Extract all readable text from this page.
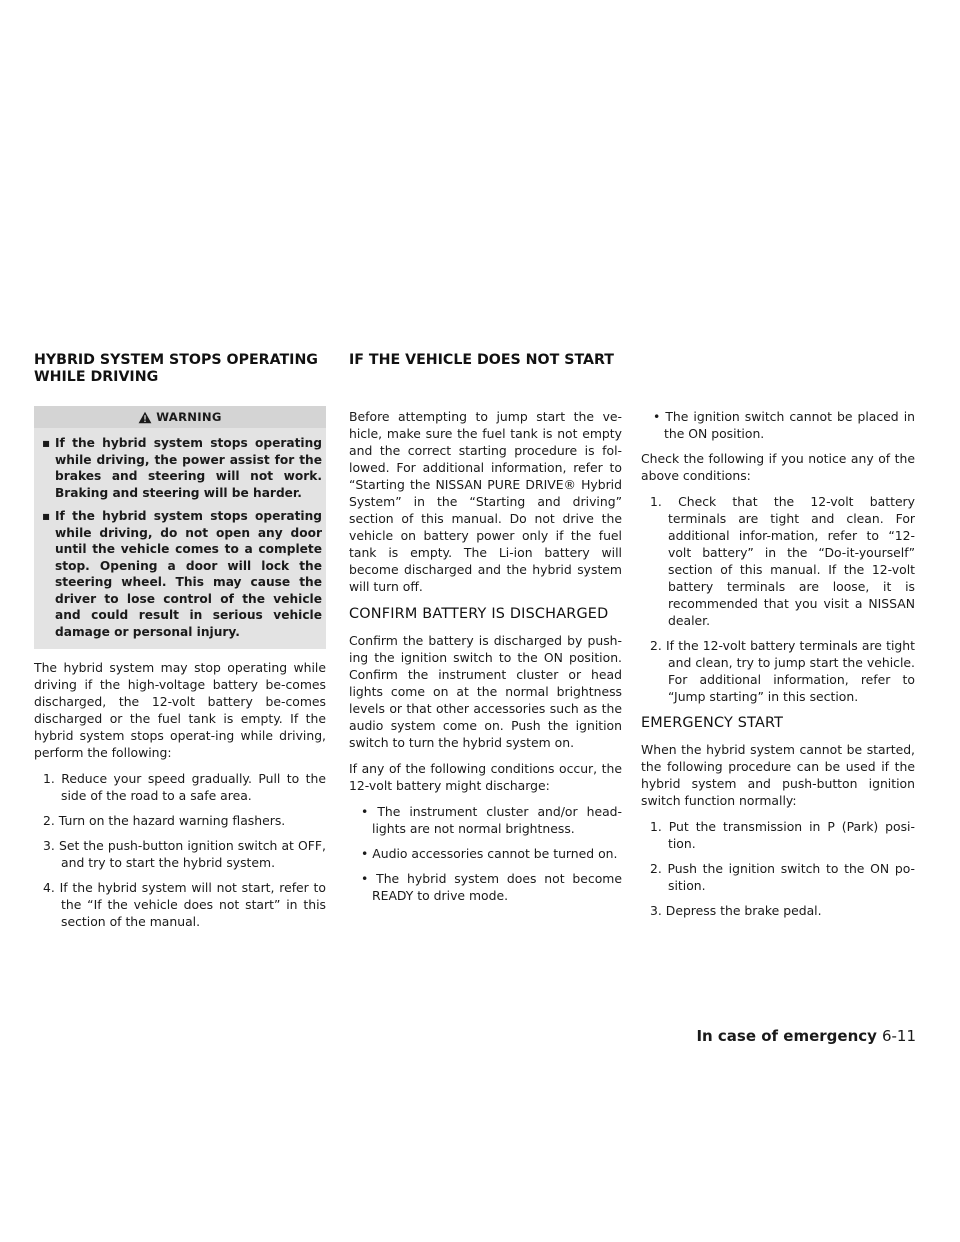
HYBRID SYSTEM STOPS OPERATING WHILE DRIVING
IF THE VEHICLE DOES NOT START
WARNING
▪ If the hybrid system stops operating while driving, the power assist for the brakes and steering will not work. Braking and steering will be harder.
▪ If the hybrid system stops operating while driving, do not open any door until the vehicle comes to a complete stop. Opening a door will lock the steering wheel. This may cause the driver to lose control of the vehicle and could result in serious vehicle damage or personal injury.

The hybrid system may stop operating while driving if the high-voltage battery be-comes discharged, the 12-volt battery be-comes discharged or the fuel tank is empty. If the hybrid system stops operat-ing while driving, perform the following:

1. Reduce your speed gradually. Pull to the side of the road to a safe area.
2. Turn on the hazard warning flashers.
3. Set the push-button ignition switch at OFF, and try to start the hybrid system.
4. If the hybrid system will not start, refer to the “If the vehicle does not start” in this section of the manual.

Before attempting to jump start the ve-hicle, make sure the fuel tank is not empty and the correct starting procedure is fol-lowed. For additional information, refer to “Starting the NISSAN PURE DRIVE® Hybrid System” in the “Starting and driving” section of this manual. Do not drive the vehicle on battery power only if the fuel tank is empty. The Li-ion battery will become discharged and the hybrid system will turn off.

CONFIRM BATTERY IS DISCHARGED

Confirm the battery is discharged by push-ing the ignition switch to the ON position. Confirm the instrument cluster or head lights come on at the normal brightness levels or that other accessories such as the audio system come on. Push the ignition switch to turn the hybrid system on.

If any of the following conditions occur, the 12-volt battery might discharge:

• The instrument cluster and/or head-lights are not normal brightness.
• Audio accessories cannot be turned on.
• The hybrid system does not become READY to drive mode.
• The ignition switch cannot be placed in the ON position.

Check the following if you notice any of the above conditions:

1. Check that the 12-volt battery terminals are tight and clean. For additional infor-mation, refer to “12-volt battery” in the “Do-it-yourself” section of this manual. If the 12-volt battery terminals are loose, it is recommended that you visit a NISSAN dealer.
2. If the 12-volt battery terminals are tight and clean, try to jump start the vehicle. For additional information, refer to “Jump starting” in this section.
EMERGENCY START

When the hybrid system cannot be started, the following procedure can be used if the hybrid system and push-button ignition switch function normally:

1. Put the transmission in P (Park) posi-tion.
2. Push the ignition switch to the ON po-sition.
3. Depress the brake pedal.
In case of emergency 6-11
